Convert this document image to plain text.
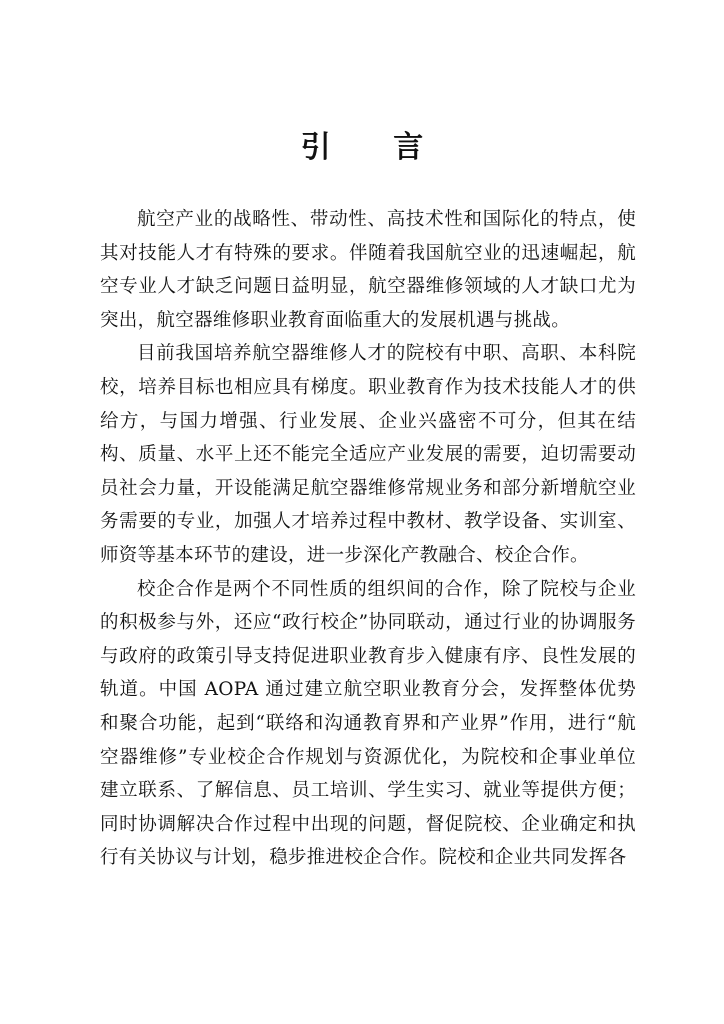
引 言

航空产业的战略性、带动性、高技术性和国际化的特点，使其对技能人才有特殊的要求。伴随着我国航空业的迅速崛起，航空专业人才缺乏问题日益明显，航空器维修领域的人才缺口尤为突出，航空器维修职业教育面临重大的发展机遇与挑战。

目前我国培养航空器维修人才的院校有中职、高职、本科院校，培养目标也相应具有梯度。职业教育作为技术技能人才的供给方，与国力增强、行业发展、企业兴盛密不可分，但其在结构、质量、水平上还不能完全适应产业发展的需要，迫切需要动员社会力量，开设能满足航空器维修常规业务和部分新增航空业务需要的专业，加强人才培养过程中教材、教学设备、实训室、师资等基本环节的建设，进一步深化产教融合、校企合作。

校企合作是两个不同性质的组织间的合作，除了院校与企业的积极参与外，还应“政行校企”协同联动，通过行业的协调服务与政府的政策引导支持促进职业教育步入健康有序、良性发展的轨道。中国 AOPA 通过建立航空职业教育分会，发挥整体优势和聚合功能，起到“联络和沟通教育界和产业界”作用，进行“航空器维修”专业校企合作规划与资源优化，为院校和企事业单位建立联系、了解信息、员工培训、学生实习、就业等提供方便；同时协调解决合作过程中出现的问题，督促院校、企业确定和执行有关协议与计划，稳步推进校企合作。院校和企业共同发挥各
